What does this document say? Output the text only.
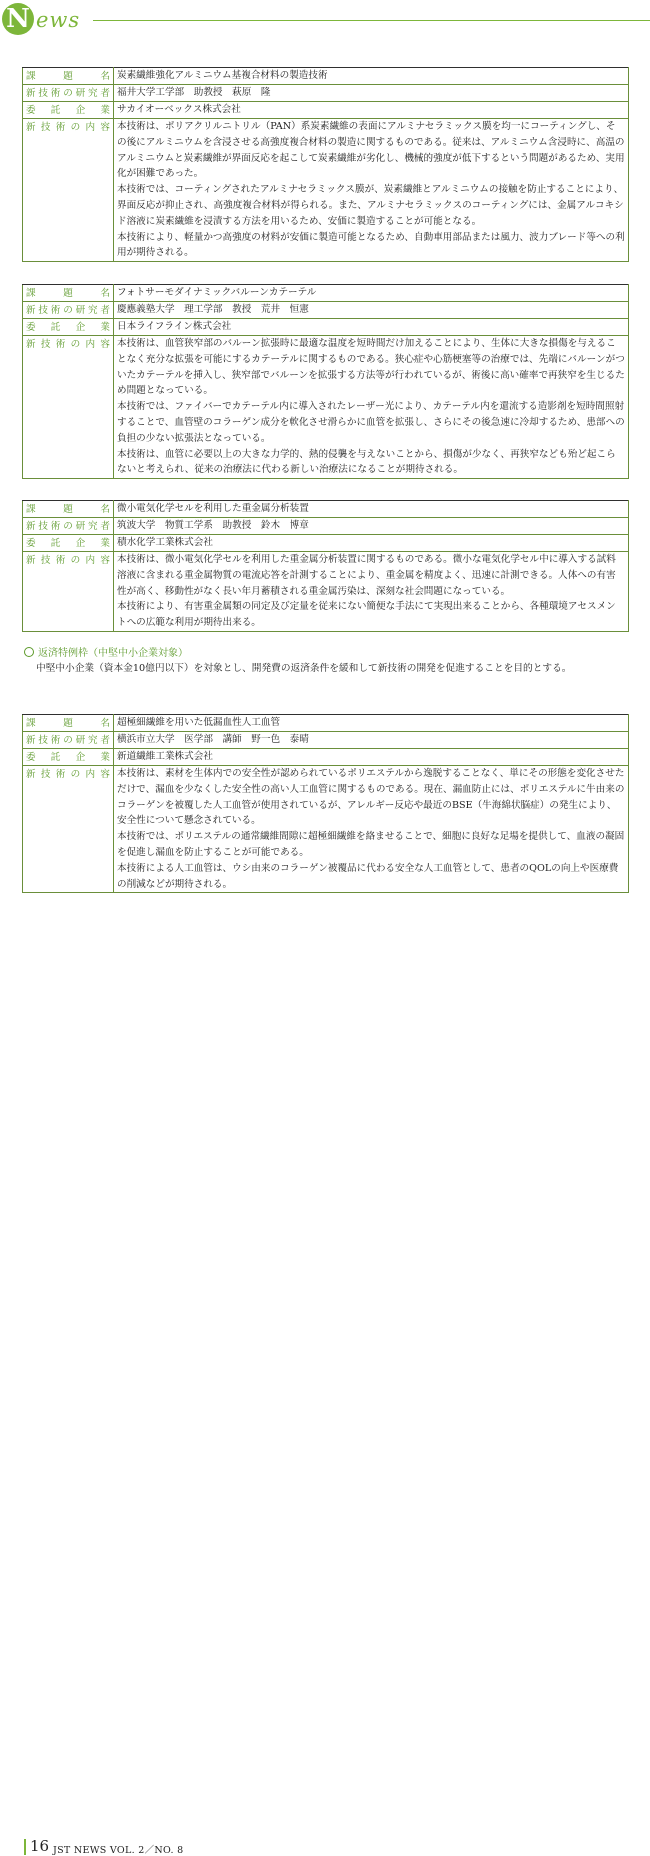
N ews
課　　題　　名	炭素繊維強化アルミニウム基複合材料の製造技術
新技術の研究者	福井大学工学部　助教授　萩原　隆
委　託　企　業	サカイオーベックス株式会社
新 技 術 の 内 容	本技術は、ポリアクリルニトリル（PAN）系炭素繊維の表面にアルミナセラミックス膜を均一にコーティングし、その後にアルミニウムを含浸させる高強度複合材料の製造に関するものである。従来は、アルミニウム含浸時に、高温のアルミニウムと炭素繊維が界面反応を起こして炭素繊維が劣化し、機械的強度が低下するという問題があるため、実用化が困難であった。

本技術では、コーティングされたアルミナセラミックス膜が、炭素繊維とアルミニウムの接触を防止することにより、界面反応が抑止され、高強度複合材料が得られる。また、アルミナセラミックスのコーティングには、金属アルコキシド溶液に炭素繊維を浸漬する方法を用いるため、安価に製造することが可能となる。

本技術により、軽量かつ高強度の材料が安価に製造可能となるため、自動車用部品または風力、波力ブレード等への利用が期待される。

課　　題　　名	フォトサーモダイナミックバルーンカテーテル
新技術の研究者	慶應義塾大学　理工学部　教授　荒井　恒憲
委　託　企　業	日本ライフライン株式会社
新 技 術 の 内 容	本技術は、血管狭窄部のバルーン拡張時に最適な温度を短時間だけ加えることにより、生体に大きな損傷を与えることなく充分な拡張を可能にするカテーテルに関するものである。狭心症や心筋梗塞等の治療では、先端にバルーンがついたカテーテルを挿入し、狭窄部でバルーンを拡張する方法等が行われているが、術後に高い確率で再狭窄を生じるため問題となっている。

本技術では、ファイバーでカテーテル内に導入されたレーザー光により、カテーテル内を還流する造影剤を短時間照射することで、血管壁のコラーゲン成分を軟化させ滑らかに血管を拡張し、さらにその後急速に冷却するため、患部への負担の少ない拡張法となっている。

本技術は、血管に必要以上の大きな力学的、熱的侵襲を与えないことから、損傷が少なく、再狭窄なども殆ど起こらないと考えられ、従来の治療法に代わる新しい治療法になることが期待される。

課　　題　　名	微小電気化学セルを利用した重金属分析装置
新技術の研究者	筑波大学　物質工学系　助教授　鈴木　博章
委　託　企　業	積水化学工業株式会社
新 技 術 の 内 容	本技術は、微小電気化学セルを利用した重金属分析装置に関するものである。微小な電気化学セル中に導入する試料溶液に含まれる重金属物質の電流応答を計測することにより、重金属を精度よく、迅速に計測できる。人体への有害性が高く、移動性がなく長い年月蓄積される重金属汚染は、深刻な社会問題になっている。

本技術により、有害重金属類の同定及び定量を従来にない簡便な手法にて実現出来ることから、各種環境アセスメントへの広範な利用が期待出来る。

返済特例枠（中堅中小企業対象）
中堅中小企業（資本金10億円以下）を対象とし、開発費の返済条件を緩和して新技術の開発を促進することを目的とする。
課　　題　　名	超極細繊維を用いた低漏血性人工血管
新技術の研究者	横浜市立大学　医学部　講師　野一色　泰晴
委　託　企　業	新道繊維工業株式会社
新 技 術 の 内 容	本技術は、素材を生体内での安全性が認められているポリエステルから逸脱することなく、単にその形態を変化させただけで、漏血を少なくした安全性の高い人工血管に関するものである。現在、漏血防止には、ポリエステルに牛由来のコラーゲンを被覆した人工血管が使用されているが、アレルギー反応や最近のBSE（牛海綿状脳症）の発生により、安全性について懸念されている。

本技術では、ポリエステルの通常繊維間隙に超極細繊維を絡ませることで、細胞に良好な足場を提供して、血液の凝固を促進し漏血を防止することが可能である。

本技術による人工血管は、ウシ由来のコラーゲン被覆品に代わる安全な人工血管として、患者のQOLの向上や医療費の削減などが期待される。

16 JST NEWS VOL. 2／NO. 8
